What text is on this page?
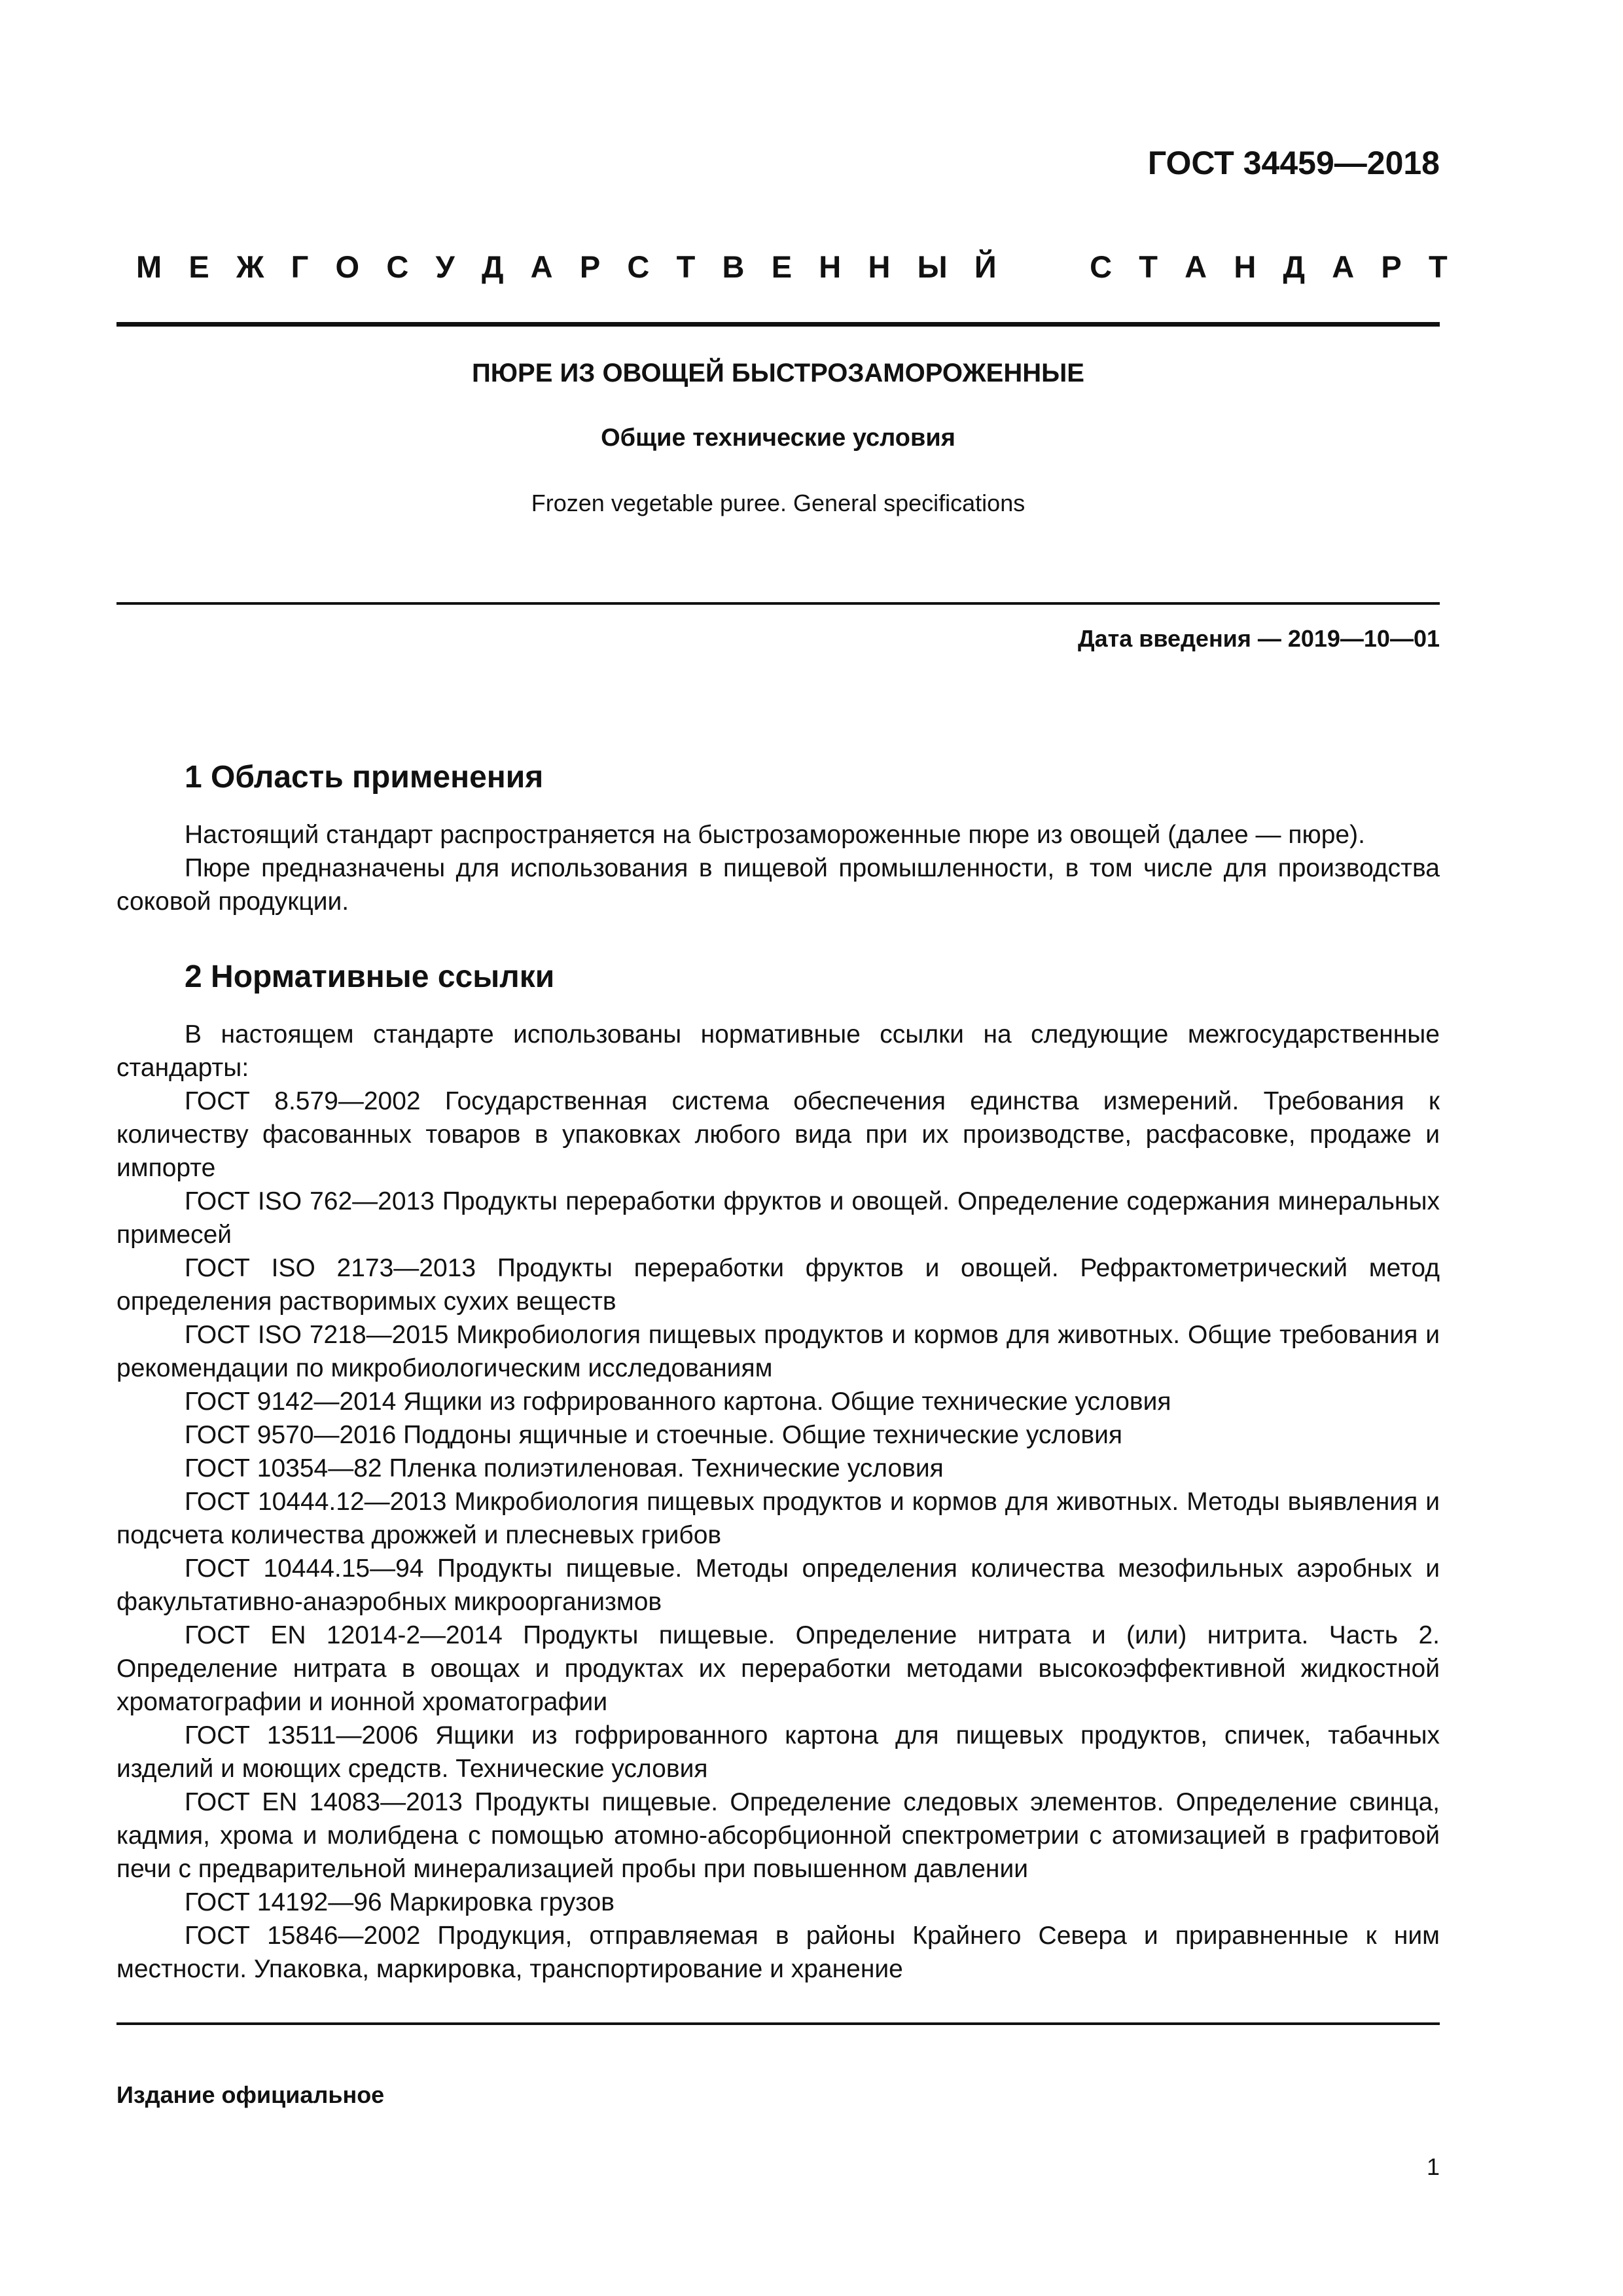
ГОСТ 34459—2018
М Е Ж Г О С У Д А Р С Т В Е Н Н Ы Й	С Т А Н Д А Р Т
ПЮРЕ ИЗ ОВОЩЕЙ БЫСТРОЗАМОРОЖЕННЫЕ
Общие технические условия
Frozen vegetable puree. General specifications
Дата введения — 2019—10—01
1 Область применения

Настоящий стандарт распространяется на быстрозамороженные пюре из овощей (далее — пюре).

Пюре предназначены для использования в пищевой промышленности, в том числе для производства соковой продукции.

2 Нормативные ссылки

В настоящем стандарте использованы нормативные ссылки на следующие межгосударственные стандарты:

ГОСТ 8.579—2002 Государственная система обеспечения единства измерений. Требования к количеству фасованных товаров в упаковках любого вида при их производстве, расфасовке, продаже и импорте

ГОСТ ISO 762—2013 Продукты переработки фруктов и овощей. Определение содержания минеральных примесей

ГОСТ ISO 2173—2013 Продукты переработки фруктов и овощей. Рефрактометрический метод определения растворимых сухих веществ

ГОСТ ISO 7218—2015 Микробиология пищевых продуктов и кормов для животных. Общие требования и рекомендации по микробиологическим исследованиям

ГОСТ 9142—2014 Ящики из гофрированного картона. Общие технические условия

ГОСТ 9570—2016 Поддоны ящичные и стоечные. Общие технические условия

ГОСТ 10354—82 Пленка полиэтиленовая. Технические условия

ГОСТ 10444.12—2013 Микробиология пищевых продуктов и кормов для животных. Методы выявления и подсчета количества дрожжей и плесневых грибов

ГОСТ 10444.15—94 Продукты пищевые. Методы определения количества мезофильных аэробных и факультативно-анаэробных микроорганизмов

ГОСТ EN 12014-2—2014 Продукты пищевые. Определение нитрата и (или) нитрита. Часть 2. Определение нитрата в овощах и продуктах их переработки методами высокоэффективной жидкостной хроматографии и ионной хроматографии

ГОСТ 13511—2006 Ящики из гофрированного картона для пищевых продуктов, спичек, табачных изделий и моющих средств. Технические условия

ГОСТ EN 14083—2013 Продукты пищевые. Определение следовых элементов. Определение свинца, кадмия, хрома и молибдена с помощью атомно-абсорбционной спектрометрии с атомизацией в графитовой печи с предварительной минерализацией пробы при повышенном давлении

ГОСТ 14192—96 Маркировка грузов

ГОСТ 15846—2002 Продукция, отправляемая в районы Крайнего Севера и приравненные к ним местности. Упаковка, маркировка, транспортирование и хранение

Издание официальное
1
